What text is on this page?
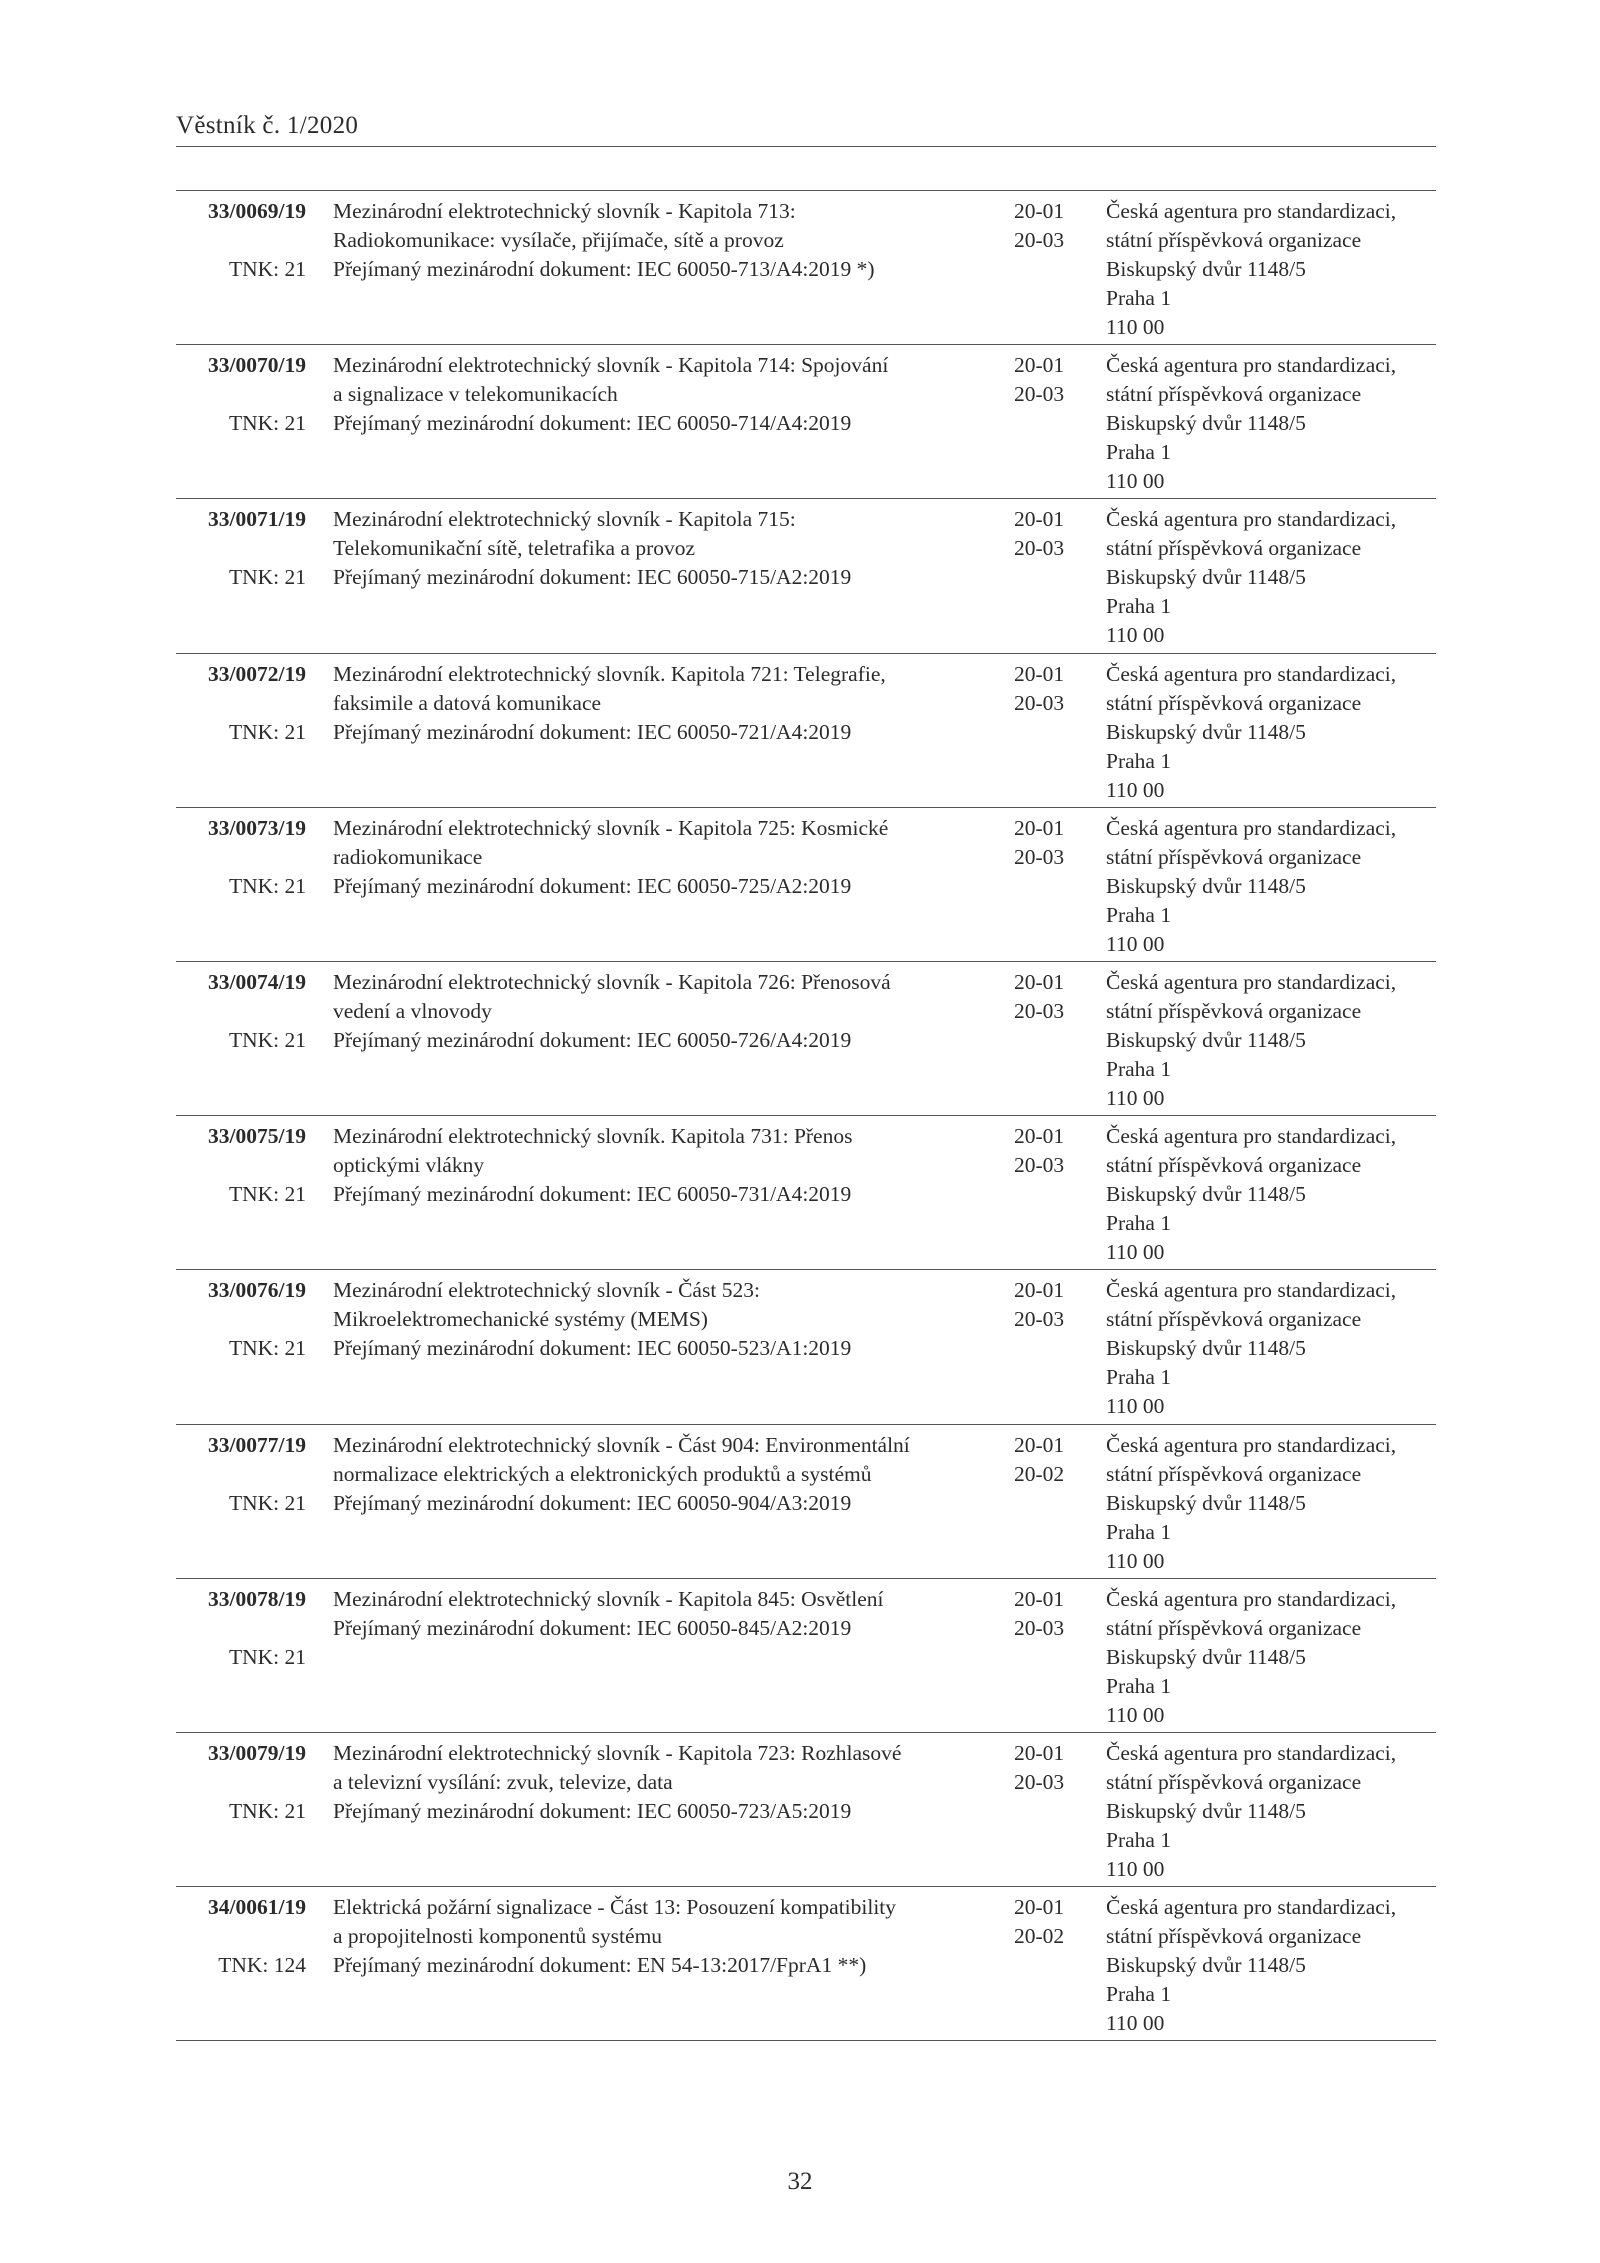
Věstník č. 1/2020
33/0069/19
TNK: 21
Mezinárodní elektrotechnický slovník - Kapitola 713:
Radiokomunikace: vysílače, přijímače, sítě a provoz
Přejímaný mezinárodní dokument: IEC 60050-713/A4:2019 *)
20-01
20-03
Česká agentura pro standardizaci,
státní příspěvková organizace
Biskupský dvůr 1148/5
Praha 1
110 00
33/0070/19
TNK: 21
Mezinárodní elektrotechnický slovník - Kapitola 714: Spojování
a signalizace v telekomunikacích
Přejímaný mezinárodní dokument: IEC 60050-714/A4:2019
20-01
20-03
Česká agentura pro standardizaci,
státní příspěvková organizace
Biskupský dvůr 1148/5
Praha 1
110 00
33/0071/19
TNK: 21
Mezinárodní elektrotechnický slovník - Kapitola 715:
Telekomunikační sítě, teletrafika a provoz
Přejímaný mezinárodní dokument: IEC 60050-715/A2:2019
20-01
20-03
Česká agentura pro standardizaci,
státní příspěvková organizace
Biskupský dvůr 1148/5
Praha 1
110 00
33/0072/19
TNK: 21
Mezinárodní elektrotechnický slovník. Kapitola 721: Telegrafie,
faksimile a datová komunikace
Přejímaný mezinárodní dokument: IEC 60050-721/A4:2019
20-01
20-03
Česká agentura pro standardizaci,
státní příspěvková organizace
Biskupský dvůr 1148/5
Praha 1
110 00
33/0073/19
TNK: 21
Mezinárodní elektrotechnický slovník - Kapitola 725: Kosmické
radiokomunikace
Přejímaný mezinárodní dokument: IEC 60050-725/A2:2019
20-01
20-03
Česká agentura pro standardizaci,
státní příspěvková organizace
Biskupský dvůr 1148/5
Praha 1
110 00
33/0074/19
TNK: 21
Mezinárodní elektrotechnický slovník - Kapitola 726: Přenosová
vedení a vlnovody
Přejímaný mezinárodní dokument: IEC 60050-726/A4:2019
20-01
20-03
Česká agentura pro standardizaci,
státní příspěvková organizace
Biskupský dvůr 1148/5
Praha 1
110 00
33/0075/19
TNK: 21
Mezinárodní elektrotechnický slovník. Kapitola 731: Přenos
optickými vlákny
Přejímaný mezinárodní dokument: IEC 60050-731/A4:2019
20-01
20-03
Česká agentura pro standardizaci,
státní příspěvková organizace
Biskupský dvůr 1148/5
Praha 1
110 00
33/0076/19
TNK: 21
Mezinárodní elektrotechnický slovník - Část 523:
Mikroelektromechanické systémy (MEMS)
Přejímaný mezinárodní dokument: IEC 60050-523/A1:2019
20-01
20-03
Česká agentura pro standardizaci,
státní příspěvková organizace
Biskupský dvůr 1148/5
Praha 1
110 00
33/0077/19
TNK: 21
Mezinárodní elektrotechnický slovník - Část 904: Environmentální
normalizace elektrických a elektronických produktů a systémů
Přejímaný mezinárodní dokument: IEC 60050-904/A3:2019
20-01
20-02
Česká agentura pro standardizaci,
státní příspěvková organizace
Biskupský dvůr 1148/5
Praha 1
110 00
33/0078/19
TNK: 21
Mezinárodní elektrotechnický slovník - Kapitola 845: Osvětlení
Přejímaný mezinárodní dokument: IEC 60050-845/A2:2019
20-01
20-03
Česká agentura pro standardizaci,
státní příspěvková organizace
Biskupský dvůr 1148/5
Praha 1
110 00
33/0079/19
TNK: 21
Mezinárodní elektrotechnický slovník - Kapitola 723: Rozhlasové
a televizní vysílání: zvuk, televize, data
Přejímaný mezinárodní dokument: IEC 60050-723/A5:2019
20-01
20-03
Česká agentura pro standardizaci,
státní příspěvková organizace
Biskupský dvůr 1148/5
Praha 1
110 00
34/0061/19
TNK: 124
Elektrická požární signalizace - Část 13: Posouzení kompatibility
a propojitelnosti komponentů systému
Přejímaný mezinárodní dokument: EN 54-13:2017/FprA1 **)
20-01
20-02
Česká agentura pro standardizaci,
státní příspěvková organizace
Biskupský dvůr 1148/5
Praha 1
110 00
32
